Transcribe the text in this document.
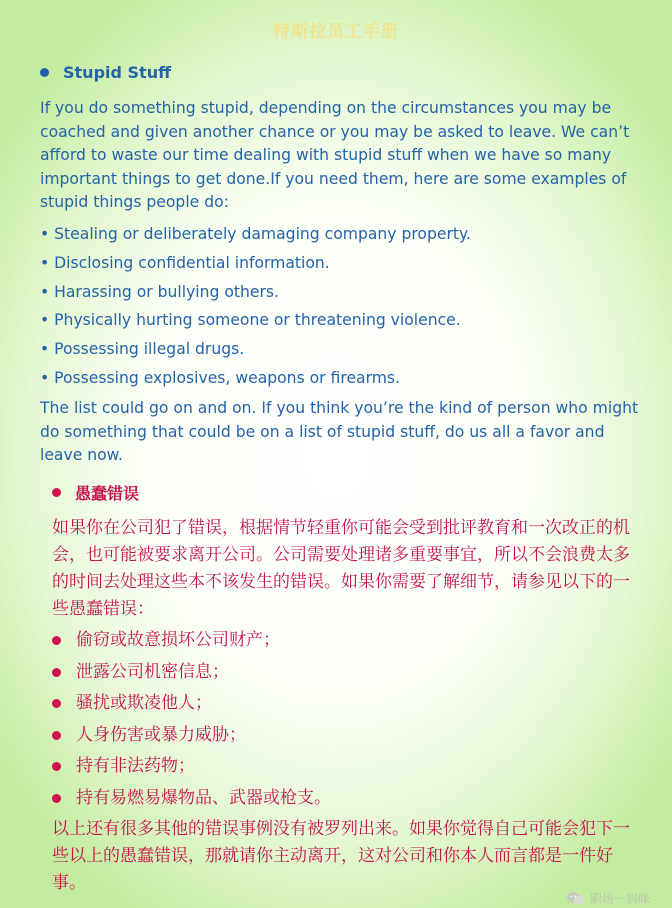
特斯拉员工手册
Stupid Stuff
If you do something stupid, depending on the circumstances you may be coached and given another chance or you may be asked to leave. We can’t afford to waste our time dealing with stupid stuff when we have so many important things to get done.If you need them, here are some examples of stupid things people do:
• Stealing or deliberately damaging company property.
• Disclosing confidential information.
• Harassing or bullying others.
• Physically hurting someone or threatening violence.
• Possessing illegal drugs.
• Possessing explosives, weapons or firearms.
The list could go on and on. If you think you’re the kind of person who might do something that could be on a list of stupid stuff, do us all a favor and leave now.
愚蠢错误
如果你在公司犯了错误，根据情节轻重你可能会受到批评教育和一次改正的机会，也可能被要求离开公司。公司需要处理诸多重要事宜，所以不会浪费太多的时间去处理这些本不该发生的错误。如果你需要了解细节，请参见以下的一些愚蠢错误：
偷窃或故意损坏公司财产；
泄露公司机密信息；
骚扰或欺凌他人；
人身伤害或暴力威胁；
持有非法药物；
持有易燃易爆物品、武器或枪支。
以上还有很多其他的错误事例没有被罗列出来。如果你觉得自己可能会犯下一些以上的愚蠢错误，那就请你主动离开，这对公司和你本人而言都是一件好事。
职场一妈咪
